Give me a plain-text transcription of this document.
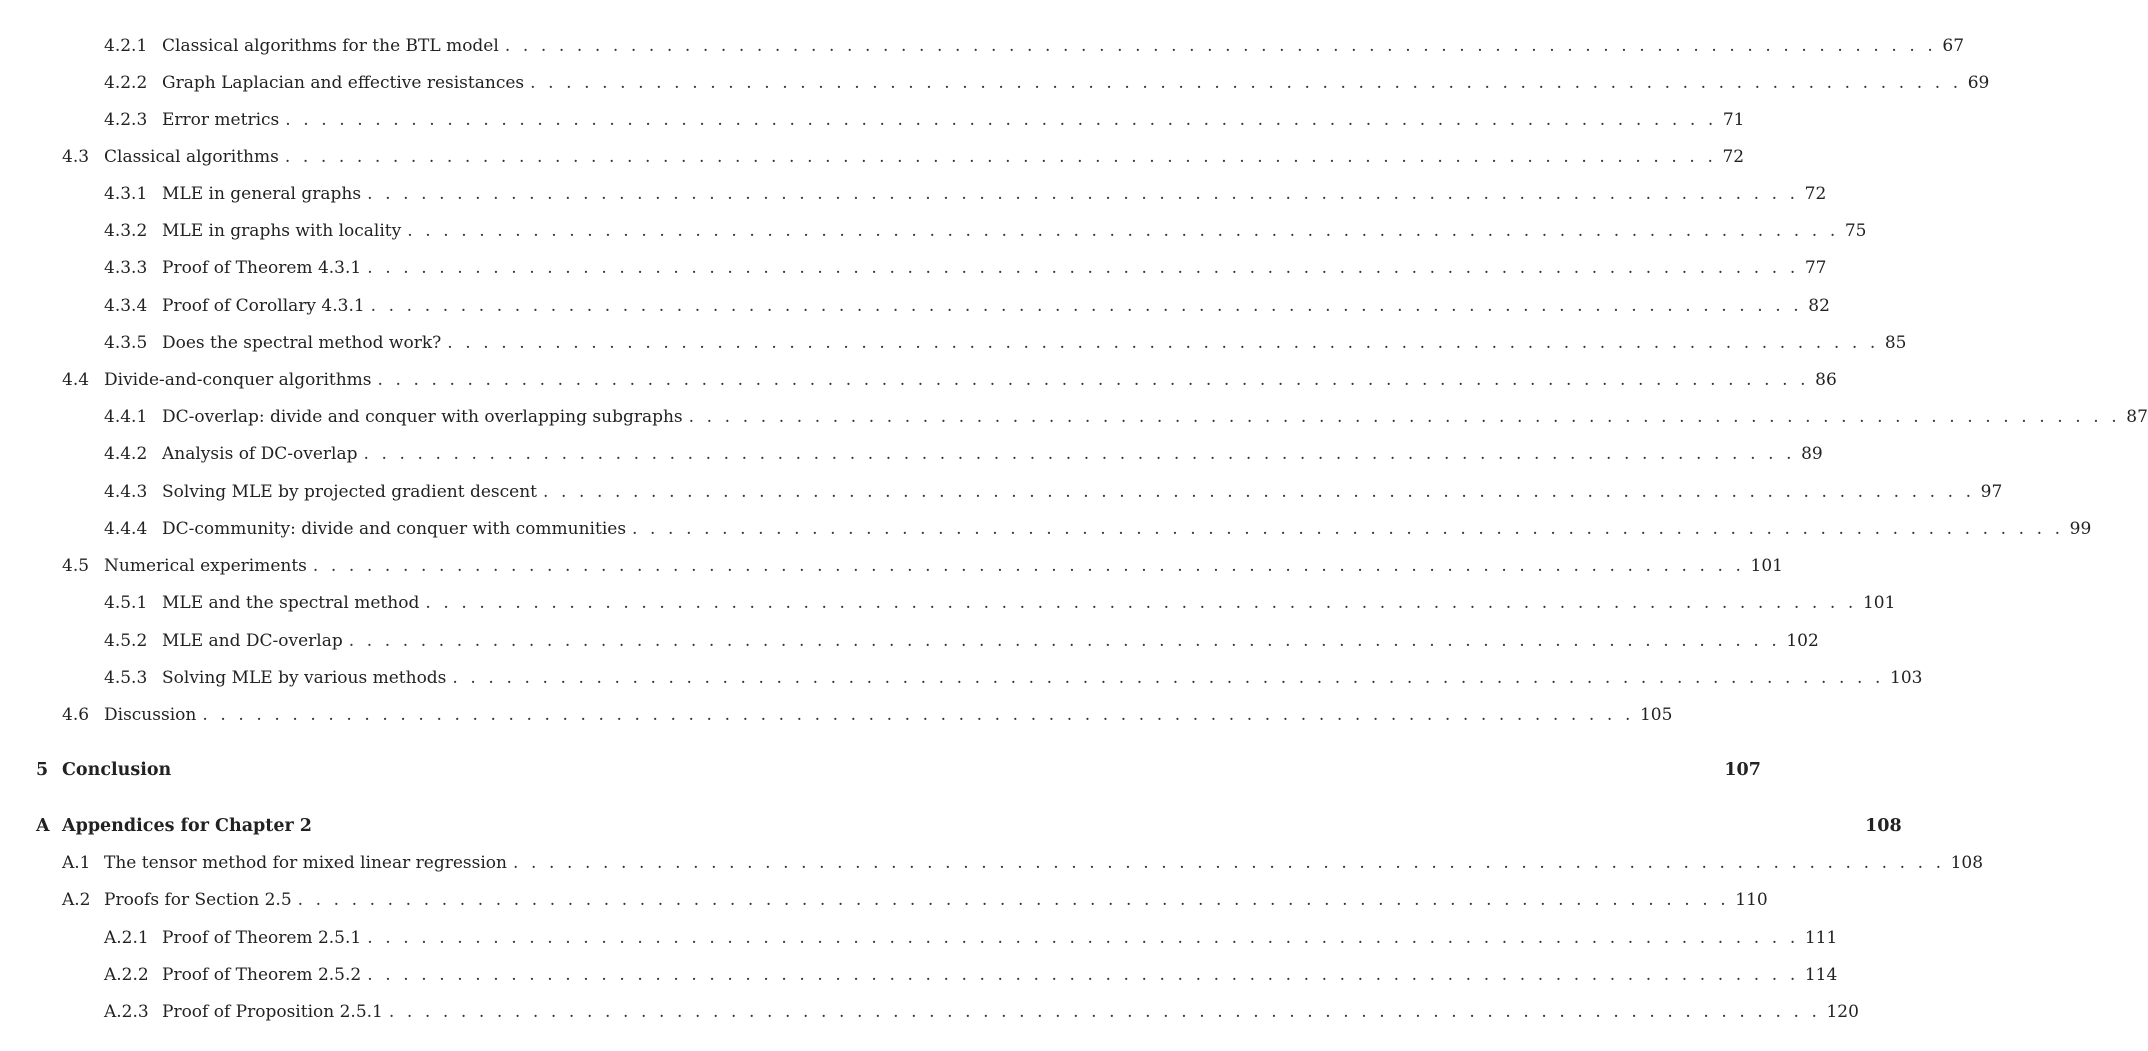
4.2.1 Classical algorithms for the BTL model . . . . . . . . . . . . . . . . . . . . . . . . . . . . . . . . . . . . . . . . . . . . . . . . . . . . . . . . . . . . . . . . . . . . . . . . . . . . . . . . 67
4.2.2 Graph Laplacian and effective resistances . . . . . . . . . . . . . . . . . . . . . . . . . . . . . . . . . . . . . . . . . . . . . . . . . . . . . . . . . . . . . . . . . . . . . . . . . . . . . . . . 69
4.2.3 Error metrics . . . . . . . . . . . . . . . . . . . . . . . . . . . . . . . . . . . . . . . . . . . . . . . . . . . . . . . . . . . . . . . . . . . . . . . . . . . . . . . . 71
4.3 Classical algorithms . . . . . . . . . . . . . . . . . . . . . . . . . . . . . . . . . . . . . . . . . . . . . . . . . . . . . . . . . . . . . . . . . . . . . . . . . . . . . . . . 72
4.3.1 MLE in general graphs . . . . . . . . . . . . . . . . . . . . . . . . . . . . . . . . . . . . . . . . . . . . . . . . . . . . . . . . . . . . . . . . . . . . . . . . . . . . . . . . 72
4.3.2 MLE in graphs with locality . . . . . . . . . . . . . . . . . . . . . . . . . . . . . . . . . . . . . . . . . . . . . . . . . . . . . . . . . . . . . . . . . . . . . . . . . . . . . . . . 75
4.3.3 Proof of Theorem 4.3.1 . . . . . . . . . . . . . . . . . . . . . . . . . . . . . . . . . . . . . . . . . . . . . . . . . . . . . . . . . . . . . . . . . . . . . . . . . . . . . . . . 77
4.3.4 Proof of Corollary 4.3.1 . . . . . . . . . . . . . . . . . . . . . . . . . . . . . . . . . . . . . . . . . . . . . . . . . . . . . . . . . . . . . . . . . . . . . . . . . . . . . . . . 82
4.3.5 Does the spectral method work? . . . . . . . . . . . . . . . . . . . . . . . . . . . . . . . . . . . . . . . . . . . . . . . . . . . . . . . . . . . . . . . . . . . . . . . . . . . . . . . . 85
4.4 Divide-and-conquer algorithms . . . . . . . . . . . . . . . . . . . . . . . . . . . . . . . . . . . . . . . . . . . . . . . . . . . . . . . . . . . . . . . . . . . . . . . . . . . . . . . . 86
4.4.1 DC-overlap: divide and conquer with overlapping subgraphs . . . . . . . . . . . . . . . . . . . . . . . . . . . . . . . . . . . . . . . . . . . . . . . . . . . . . . . . . . . . . . . . . . . . . . . . . . . . . . . . 87
4.4.2 Analysis of DC-overlap . . . . . . . . . . . . . . . . . . . . . . . . . . . . . . . . . . . . . . . . . . . . . . . . . . . . . . . . . . . . . . . . . . . . . . . . . . . . . . . . 89
4.4.3 Solving MLE by projected gradient descent . . . . . . . . . . . . . . . . . . . . . . . . . . . . . . . . . . . . . . . . . . . . . . . . . . . . . . . . . . . . . . . . . . . . . . . . . . . . . . . . 97
4.4.4 DC-community: divide and conquer with communities . . . . . . . . . . . . . . . . . . . . . . . . . . . . . . . . . . . . . . . . . . . . . . . . . . . . . . . . . . . . . . . . . . . . . . . . . . . . . . . . 99
4.5 Numerical experiments . . . . . . . . . . . . . . . . . . . . . . . . . . . . . . . . . . . . . . . . . . . . . . . . . . . . . . . . . . . . . . . . . . . . . . . . . . . . . . . . 101
4.5.1 MLE and the spectral method . . . . . . . . . . . . . . . . . . . . . . . . . . . . . . . . . . . . . . . . . . . . . . . . . . . . . . . . . . . . . . . . . . . . . . . . . . . . . . . . 101
4.5.2 MLE and DC-overlap . . . . . . . . . . . . . . . . . . . . . . . . . . . . . . . . . . . . . . . . . . . . . . . . . . . . . . . . . . . . . . . . . . . . . . . . . . . . . . . . 102
4.5.3 Solving MLE by various methods . . . . . . . . . . . . . . . . . . . . . . . . . . . . . . . . . . . . . . . . . . . . . . . . . . . . . . . . . . . . . . . . . . . . . . . . . . . . . . . . 103
4.6 Discussion . . . . . . . . . . . . . . . . . . . . . . . . . . . . . . . . . . . . . . . . . . . . . . . . . . . . . . . . . . . . . . . . . . . . . . . . . . . . . . . . 105
5 Conclusion	107
A Appendices for Chapter 2	108
A.1 The tensor method for mixed linear regression . . . . . . . . . . . . . . . . . . . . . . . . . . . . . . . . . . . . . . . . . . . . . . . . . . . . . . . . . . . . . . . . . . . . . . . . . . . . . . . . 108
A.2 Proofs for Section 2.5 . . . . . . . . . . . . . . . . . . . . . . . . . . . . . . . . . . . . . . . . . . . . . . . . . . . . . . . . . . . . . . . . . . . . . . . . . . . . . . . . 110
A.2.1 Proof of Theorem 2.5.1 . . . . . . . . . . . . . . . . . . . . . . . . . . . . . . . . . . . . . . . . . . . . . . . . . . . . . . . . . . . . . . . . . . . . . . . . . . . . . . . . 111
A.2.2 Proof of Theorem 2.5.2 . . . . . . . . . . . . . . . . . . . . . . . . . . . . . . . . . . . . . . . . . . . . . . . . . . . . . . . . . . . . . . . . . . . . . . . . . . . . . . . . 114
A.2.3 Proof of Proposition 2.5.1 . . . . . . . . . . . . . . . . . . . . . . . . . . . . . . . . . . . . . . . . . . . . . . . . . . . . . . . . . . . . . . . . . . . . . . . . . . . . . . . . 120
